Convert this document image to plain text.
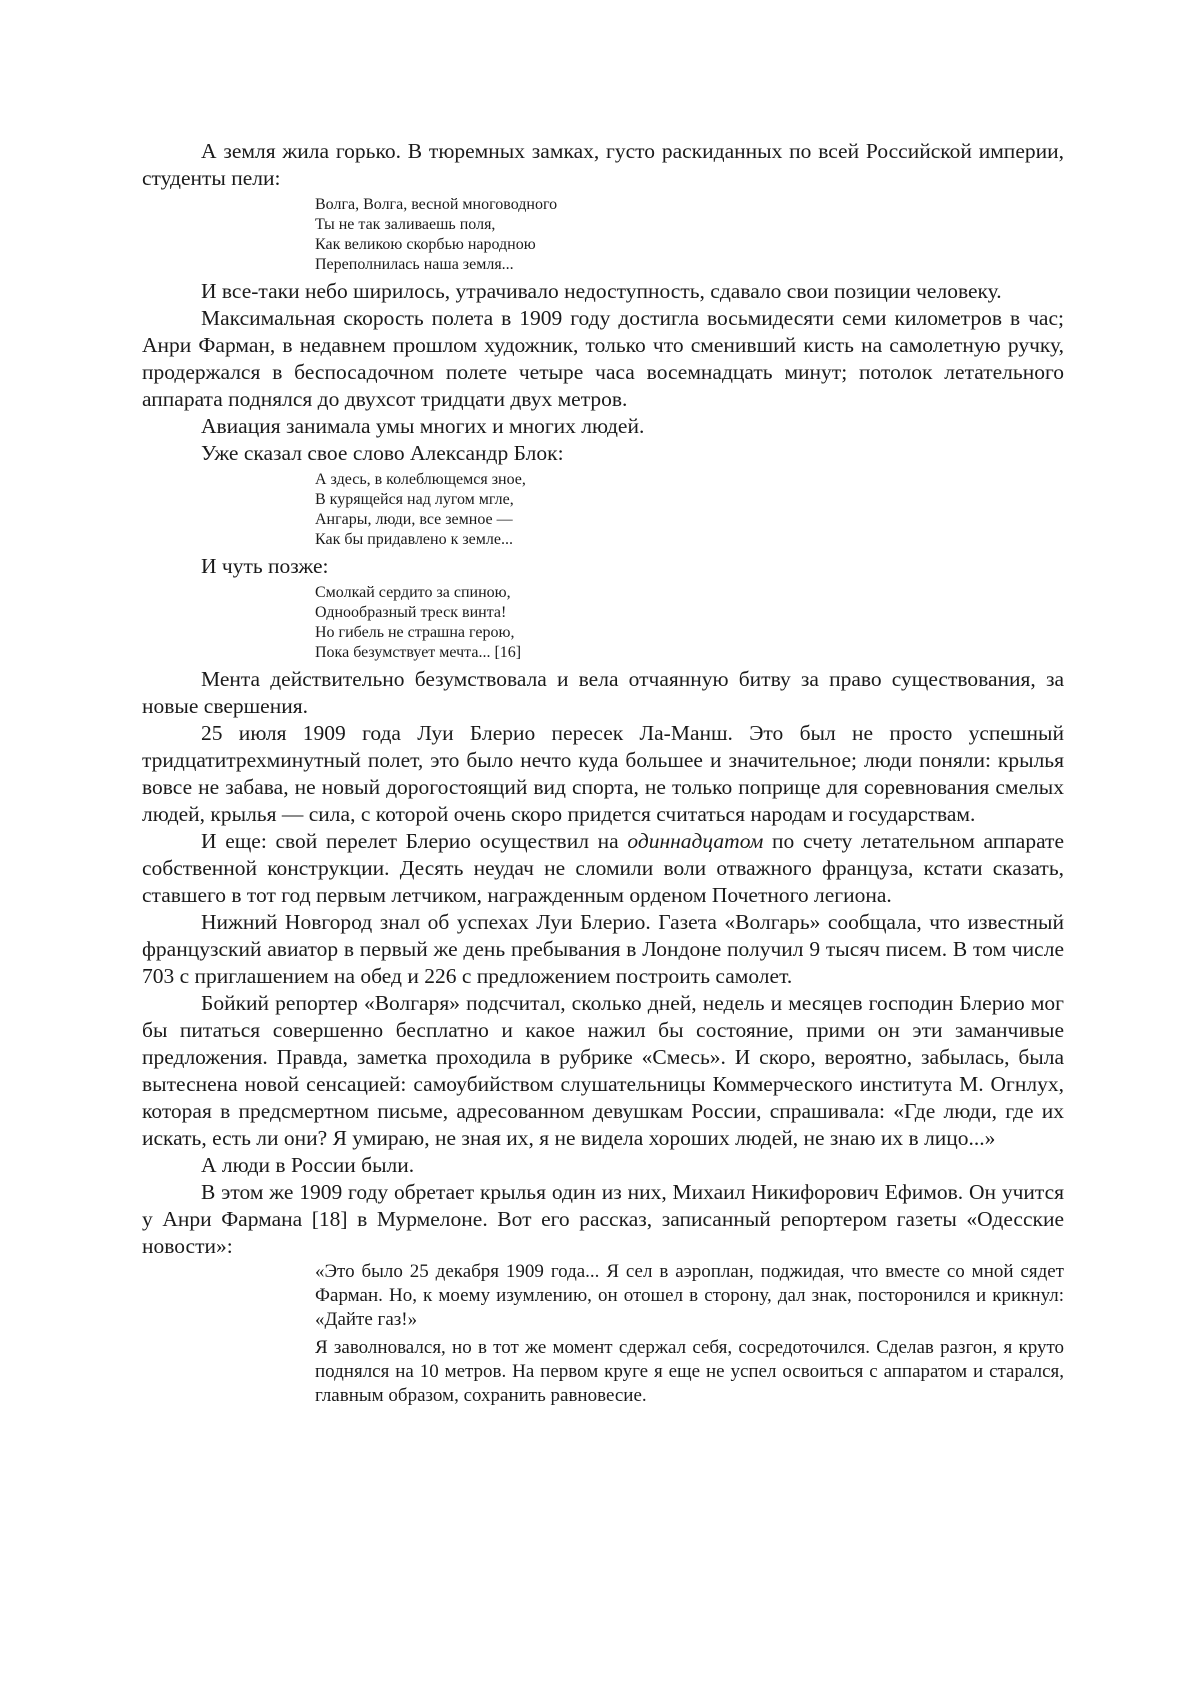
А земля жила горько. В тюремных замках, густо раскиданных по всей Российской империи, студенты пели:

Волга, Волга, весной многоводного
Ты не так заливаешь поля,
Как великою скорбью народною
Переполнилась наша земля...

И все-таки небо ширилось, утрачивало недоступность, сдавало свои позиции человеку.

Максимальная скорость полета в 1909 году достигла восьмидесяти семи километров в час; Анри Фарман, в недавнем прошлом художник, только что сменивший кисть на самолетную ручку, продержался в беспосадочном полете четыре часа восемнадцать минут; потолок летательного аппарата поднялся до двухсот тридцати двух метров.

Авиация занимала умы многих и многих людей.

Уже сказал свое слово Александр Блок:

А здесь, в колеблющемся зное,
В курящейся над лугом мгле,
Ангары, люди, все земное —
Как бы придавлено к земле...

И чуть позже:

Смолкай сердито за спиною,
Однообразный треск винта!
Но гибель не страшна герою,
Пока безумствует мечта... [16]

Мента действительно безумствовала и вела отчаянную битву за право существования, за новые свершения.

25 июля 1909 года Луи Блерио пересек Ла-Манш. Это был не просто успешный тридцатитрехминутный полет, это было нечто куда большее и значительное; люди поняли: крылья вовсе не забава, не новый дорогостоящий вид спорта, не только поприще для соревнования смелых людей, крылья — сила, с которой очень скоро придется считаться народам и государствам.

И еще: свой перелет Блерио осуществил на одиннадцатом по счету летательном аппарате собственной конструкции. Десять неудач не сломили воли отважного француза, кстати сказать, ставшего в тот год первым летчиком, награжденным орденом Почетного легиона.

Нижний Новгород знал об успехах Луи Блерио. Газета «Волгарь» сообщала, что известный французский авиатор в первый же день пребывания в Лондоне получил 9 тысяч писем. В том числе 703 с приглашением на обед и 226 с предложением построить самолет.

Бойкий репортер «Волгаря» подсчитал, сколько дней, недель и месяцев господин Блерио мог бы питаться совершенно бесплатно и какое нажил бы состояние, прими он эти заманчивые предложения. Правда, заметка проходила в рубрике «Смесь». И скоро, вероятно, забылась, была вытеснена новой сенсацией: самоубийством слушательницы Коммерческого института М. Огнлух, которая в предсмертном письме, адресованном девушкам России, спрашивала: «Где люди, где их искать, есть ли они? Я умираю, не зная их, я не видела хороших людей, не знаю их в лицо...»

А люди в России были.

В этом же 1909 году обретает крылья один из них, Михаил Никифорович Ефимов. Он учится у Анри Фармана [18] в Мурмелоне. Вот его рассказ, записанный репортером газеты «Одесские новости»:

«Это было 25 декабря 1909 года... Я сел в аэроплан, поджидая, что вместе со мной сядет Фарман. Но, к моему изумлению, он отошел в сторону, дал знак, посторонился и крикнул: «Дайте газ!»

Я заволновался, но в тот же момент сдержал себя, сосредоточился. Сделав разгон, я круто поднялся на 10 метров. На первом круге я еще не успел освоиться с аппаратом и старался, главным образом, сохранить равновесие.
